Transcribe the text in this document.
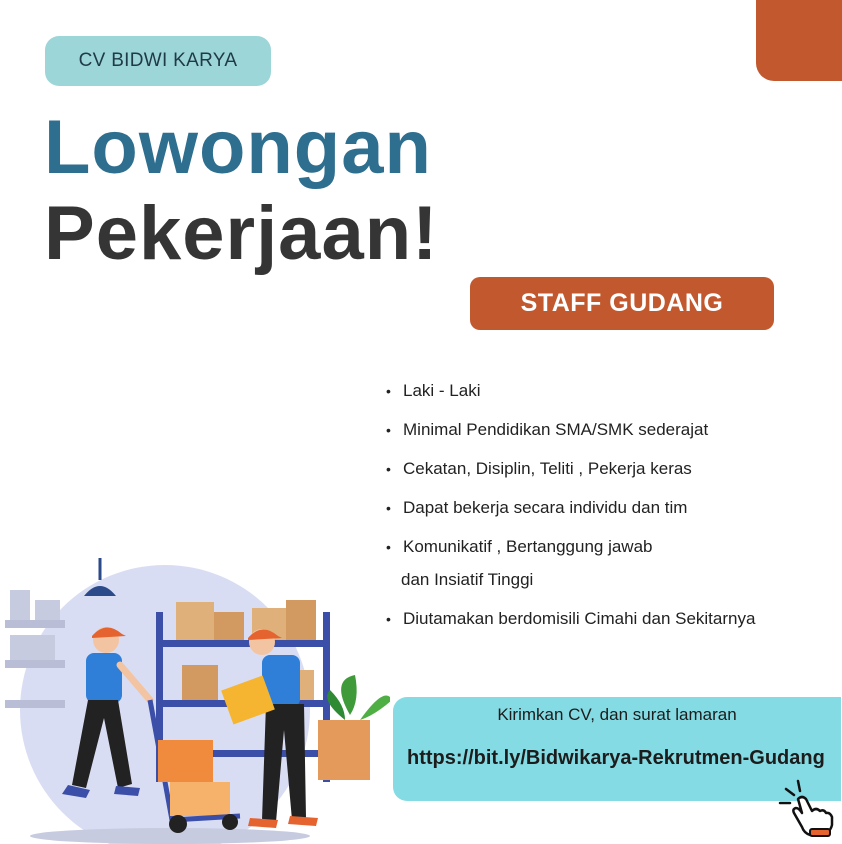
CV BIDWI KARYA
Lowongan
Pekerjaan!
STAFF GUDANG
• Laki - Laki
• Minimal Pendidikan SMA/SMK sederajat
• Cekatan, Disiplin, Teliti , Pekerja keras
• Dapat bekerja secara individu dan tim
• Komunikatif , Bertanggung jawab
dan Insiatif Tinggi
• Diutamakan berdomisili Cimahi dan Sekitarnya
Kirimkan CV, dan surat lamaran
https://bit.ly/Bidwikarya-Rekrutmen-Gudang
